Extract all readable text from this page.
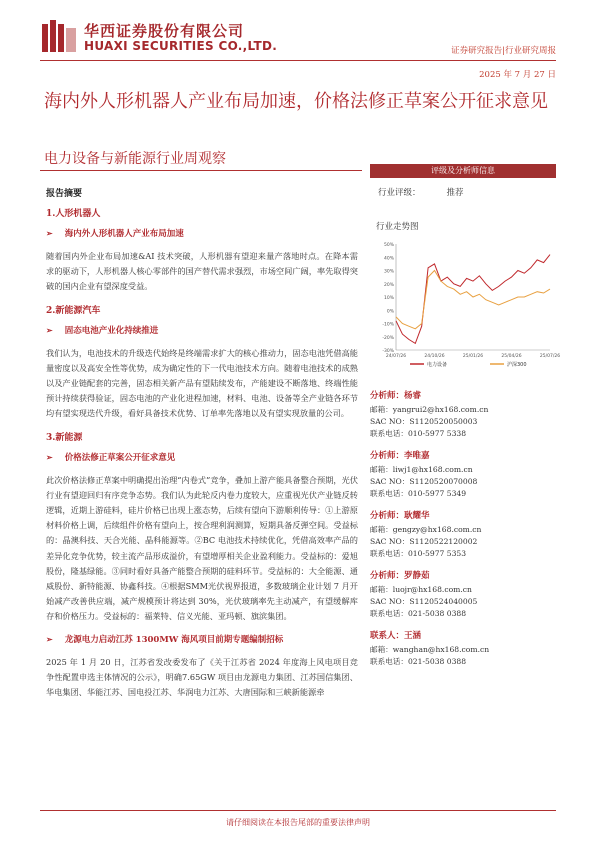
华西证券股份有限公司
HUAXI SECURITIES CO.,LTD.	证券研究报告|行业研究周报
2025 年 7 月 27 日
海内外人形机器人产业布局加速，价格法修正草案公开征求意见
电力设备与新能源行业周观察
评级及分析师信息
报告摘要
1.人形机器人
➢ 海内外人形机器人产业布局加速
随着国内外企业布局加速&AI 技术突破，人形机器有望迎来量产落地时点。在降本需求的驱动下，人形机器人核心零部件的国产替代需求强烈，市场空间广阔，率先取得突破的国内企业有望深度受益。
2.新能源汽车
➢ 固态电池产业化持续推进
我们认为，电池技术的升级迭代始终是终端需求扩大的核心推动力，固态电池凭借高能量密度以及高安全性等优势，成为确定性的下一代电池技术方向。随着电池技术的成熟以及产业链配套的完善，固态相关新产品有望陆续发布，产能建设不断落地、终端性能预计持续获得验证，固态电池的产业化进程加速，材料、电池、设备等全产业链各环节均有望实现迭代升级，看好具备技术优势、订单率先落地以及有望实现放量的公司。
3.新能源
➢ 价格法修正草案公开征求意见
此次价格法修正草案中明确提出治理“内卷式”竞争，叠加上游产能具备整合预期，光伏行业有望迎回归有序竞争态势。我们认为此轮反内卷力度较大，应重视光伏产业链反转逻辑，近期上游硅料，硅片价格已出现上涨态势，后续有望向下游顺利传导：①上游原材料价格上调，后续组件价格有望向上，按合理利润测算，短期具备反弹空间。受益标的：晶澳科技、天合光能、晶科能源等。②BC 电池技术持续优化，凭借高效率产品的差异化竞争优势，较主流产品形成溢价，有望增厚相关企业盈利能力。受益标的：爱旭股份，隆基绿能。③同时看好具备产能整合预期的硅料环节。受益标的：大全能源、通威股份、新特能源、协鑫科技。④根据SMM光伏视界报道，多数玻璃企业计划 7 月开始减产改善供应端，减产规模预计将达到 30%，光伏玻璃率先主动减产，有望缓解库存和价格压力。受益标的：福莱特、信义光能、亚玛顿、旗滨集团。
➢ 龙源电力启动江苏 1300MW 海风项目前期专题编制招标
2025 年 1 月 20 日，江苏省发改委发布了《关于江苏省 2024 年度海上风电项目竞争性配置申选主体情况的公示》，明确7.65GW 项目由龙源电力集团、江苏国信集团、华电集团、华能江苏、国电投江苏、华润电力江苏、大唐国际和三峡新能源牵
行业评级：	推荐
行业走势图
50%
40%
30%
20%
10%
0%
-10%
-20%
-30%
24/07/26	24/10/26	25/01/26	25/04/26	25/07/26
电力设备	沪深300
分析师：杨睿
邮箱：yangrui2@hx168.com.cn
SAC NO：S1120520050003
联系电话：010-5977 5338
分析师：李唯嘉
邮箱：liwj1@hx168.com.cn
SAC NO：S1120520070008
联系电话：010-5977 5349
分析师：耿耀华
邮箱：gengzy@hx168.com.cn
SAC NO：S1120522120002
联系电话：010-5977 5353
分析师：罗静茹
邮箱：luojr@hx168.com.cn
SAC NO：S1120524040005
联系电话：021-5038 0388
联系人：王涵
邮箱：wanghan@hx168.com.cn
联系电话：021-5038 0388
请仔细阅读在本报告尾部的重要法律声明
